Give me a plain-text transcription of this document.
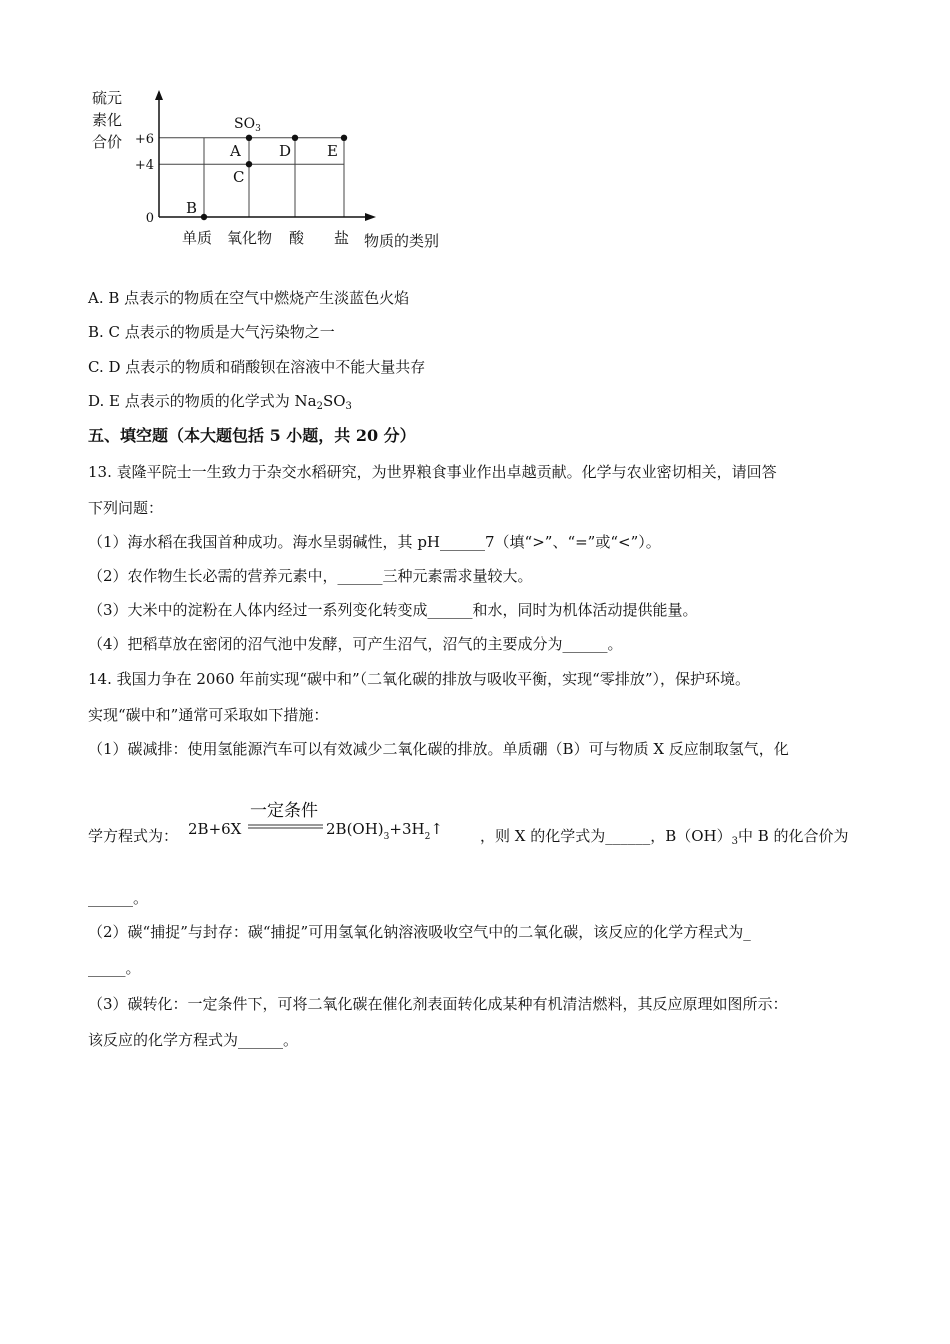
硫元
素化
合价
0
+4
+6
单质 氧化物 酸 盐
B
C
A	D E
$SO_3$
物质的类别
A. B 点表示的物质在空气中燃烧产生淡蓝色火焰
B. C 点表示的物质是大气污染物之一
C. D 点表示的物质和硝酸钡在溶液中不能大量共存
D. E 点表示的物质的化学式为 $Na_2SO_3$
五、填空题（本大题包括 5 小题，共 20 分）
13. 袁隆平院士一生致力于杂交水稻研究，为世界粮食事业作出卓越贡献。化学与农业密切相关，请回答
下列问题：
（1）海水稻在我国首种成功。海水呈弱碱性，其 pH______7（填“>”、“=”或“<”）。
（2）农作物生长必需的营养元素中，______三种元素需求量较大。
（3）大米中的淀粉在人体内经过一系列变化转变成______和水，同时为机体活动提供能量。
（4）把稻草放在密闭的沼气池中发酵，可产生沼气，沼气的主要成分为______。
14. 我国力争在 2060 年前实现“碳中和”（二氧化碳的排放与吸收平衡，实现“零排放”），保护环境。
实现“碳中和”通常可采取如下措施：
（1）碳减排：使用氢能源汽车可以有效减少二氧化碳的排放。单质硼（B）可与物质 X 反应制取氢气，化
学方程式为： 2B+6X
一定条件
$2B(OH)_3+3H_2↑$ ，则 X 的化学式为______，$B(OH)_3$中 B 的化合价为
______。
（2）碳“捕捉”与封存：碳“捕捉”可用氢氧化钠溶液吸收空气中的二氧化碳，该反应的化学方程式为_
_____。
（3）碳转化：一定条件下，可将二氧化碳在催化剂表面转化成某种有机清洁燃料，其反应原理如图所示：
该反应的化学方程式为______。
